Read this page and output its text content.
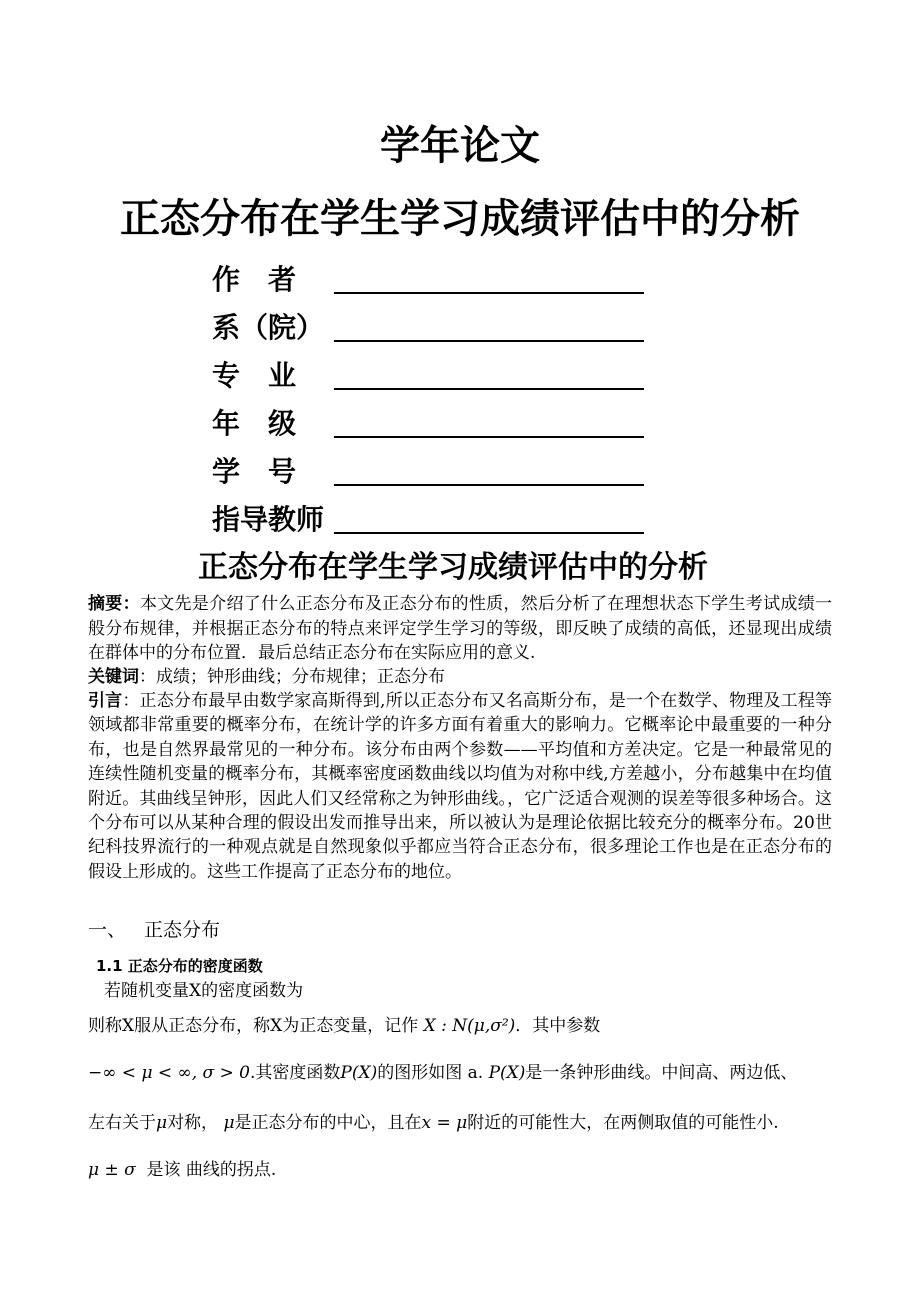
学年论文
正态分布在学生学习成绩评估中的分析
作　者
系（院）
专　业
年　级
学　号
指导教师
正态分布在学生学习成绩评估中的分析

摘要：本文先是介绍了什么正态分布及正态分布的性质，然后分析了在理想状态下学生考试成绩一般分布规律，并根据正态分布的特点来评定学生学习的等级，即反映了成绩的高低，还显现出成绩在群体中的分布位置．最后总结正态分布在实际应用的意义.

关键词：成绩；钟形曲线；分布规律；正态分布

引言：正态分布最早由数学家高斯得到,所以正态分布又名高斯分布，是一个在数学、物理及工程等领域都非常重要的概率分布，在统计学的许多方面有着重大的影响力。它概率论中最重要的一种分布，也是自然界最常见的一种分布。该分布由两个参数——平均值和方差决定。它是一种最常见的连续性随机变量的概率分布，其概率密度函数曲线以均值为对称中线,方差越小，分布越集中在均值附近。其曲线呈钟形，因此人们又经常称之为钟形曲线。，它广泛适合观测的误差等很多种场合。这个分布可以从某种合理的假设出发而推导出来，所以被认为是理论依据比较充分的概率分布。20世纪科技界流行的一种观点就是自然现象似乎都应当符合正态分布，很多理论工作也是在正态分布的假设上形成的。这些工作提高了正态分布的地位。

一、 正态分布
1.1 正态分布的密度函数
若随机变量X的密度函数为
则称X服从正态分布，称X为正态变量，记作 X : N(μ,σ²)．其中参数
−∞ < μ < ∞, σ > 0.其密度函数P(X)的图形如图 a. P(X)是一条钟形曲线。中间高、两边低、
左右关于μ对称， μ是正态分布的中心，且在x = μ附近的可能性大，在两侧取值的可能性小.
μ ± σ 是该 曲线的拐点.
